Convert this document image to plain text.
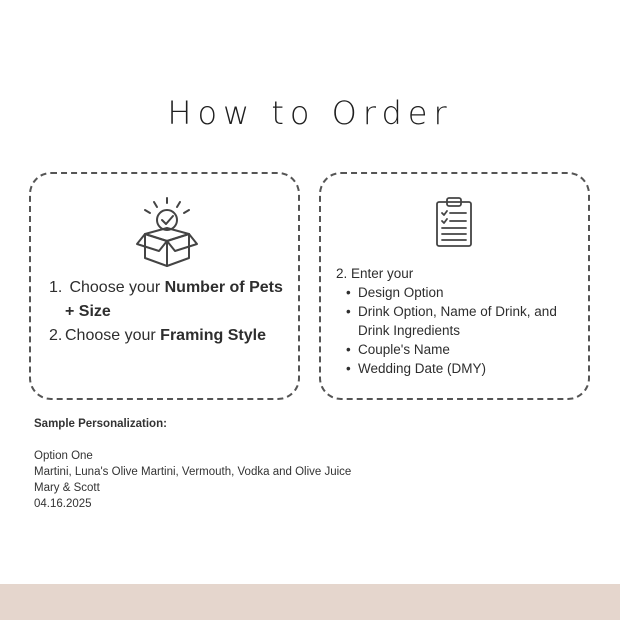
How to Order
1. Choose your Number of Pets + Size
2. Choose your Framing Style
2. Enter your
• Design Option
• Drink Option, Name of Drink, and Drink Ingredients
• Couple's Name
• Wedding Date (DMY)
Sample Personalization:
Option One
Martini, Luna's Olive Martini, Vermouth, Vodka and Olive Juice
Mary & Scott
04.16.2025
